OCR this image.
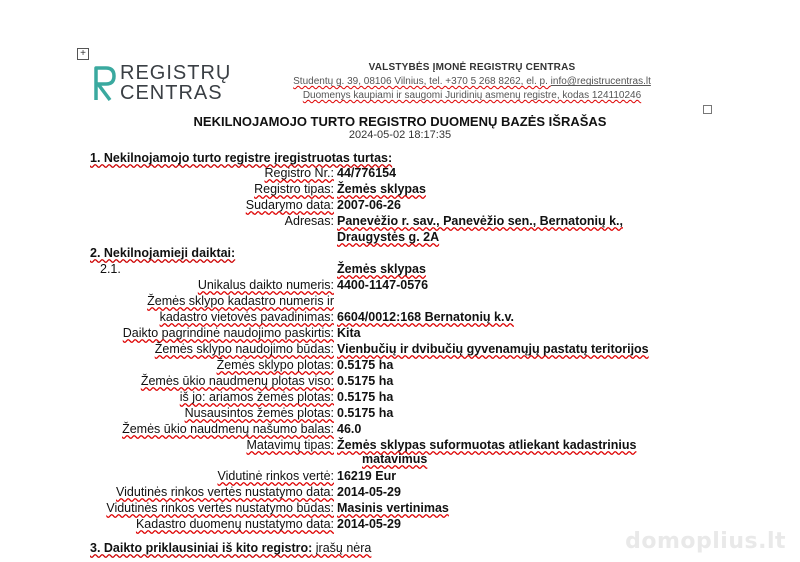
+
REGISTRŲ
CENTRAS
VALSTYBĖS ĮMONĖ REGISTRŲ CENTRAS
Studentų g. 39, 08106 Vilnius, tel. +370 5 268 8262, el. p. info@registrucentras.lt
Duomenys kaupiami ir saugomi Juridinių asmenų registre, kodas 124110246
NEKILNOJAMOJO TURTO REGISTRO DUOMENŲ BAZĖS IŠRAŠAS
2024-05-02 18:17:35
1. Nekilnojamojo turto registre įregistruotas turtas:
Registro Nr.: 44/776154
Registro tipas: Žemės sklypas
Sudarymo data: 2007-06-26
Adresas: Panevėžio r. sav., Panevėžio sen., Bernatonių k.,
Draugystės g. 2A
2. Nekilnojamieji daiktai:
2.1.	Žemės sklypas
Unikalus daikto numeris: 4400-1147-0576
Žemės sklypo kadastro numeris ir
kadastro vietovės pavadinimas: 6604/0012:168 Bernatonių k.v.
Daikto pagrindinė naudojimo paskirtis: Kita
Žemės sklypo naudojimo būdas: Vienbučių ir dvibučių gyvenamųjų pastatų teritorijos
Žemės sklypo plotas: 0.5175 ha
Žemės ūkio naudmenų plotas viso: 0.5175 ha
iš jo: ariamos žemės plotas: 0.5175 ha
Nusausintos žemės plotas: 0.5175 ha
Žemės ūkio naudmenų našumo balas: 46.0
Matavimų tipas: Žemės sklypas suformuotas atliekant kadastrinius
matavimus
Vidutinė rinkos vertė: 16219 Eur
Vidutinės rinkos vertės nustatymo data: 2014-05-29
Vidutinės rinkos vertės nustatymo būdas: Masinis vertinimas
Kadastro duomenų nustatymo data: 2014-05-29
3. Daikto priklausiniai iš kito registro: įrašų nėra	domoplius.lt
